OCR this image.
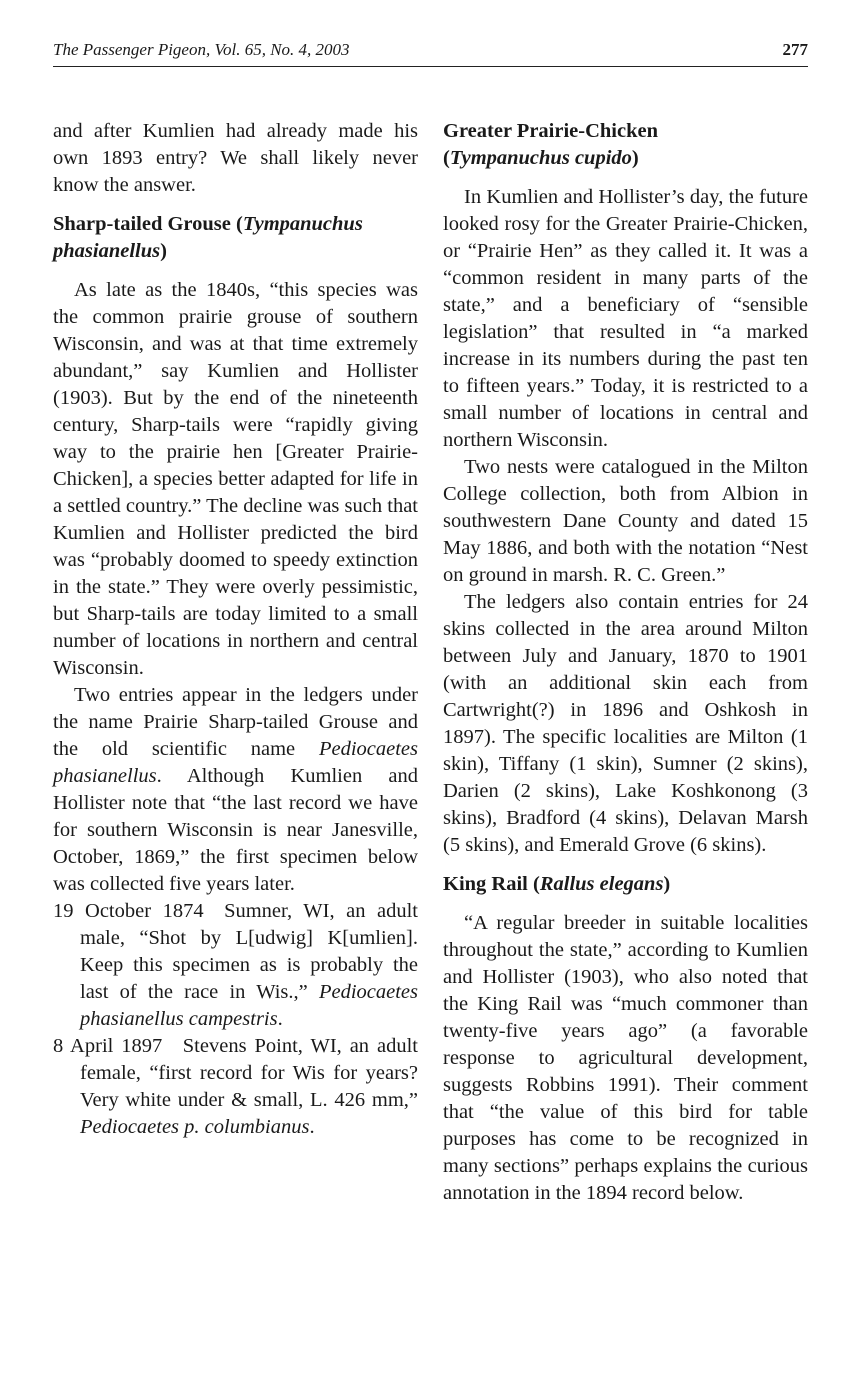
The Passenger Pigeon, Vol. 65, No. 4, 2003	277

and after Kumlien had already made his own 1893 entry? We shall likely never know the answer.

Sharp-tailed Grouse (Tympanuchus phasianellus)

As late as the 1840s, “this species was the common prairie grouse of southern Wisconsin, and was at that time extremely abundant,” say Kumlien and Hollister (1903). But by the end of the nineteenth century, Sharp-tails were “rapidly giving way to the prairie hen [Greater Prairie-Chicken], a species better adapted for life in a settled country.” The decline was such that Kumlien and Hollister predicted the bird was “probably doomed to speedy extinction in the state.” They were overly pessimistic, but Sharp-tails are today limited to a small number of locations in northern and central Wisconsin.

Two entries appear in the ledgers under the name Prairie Sharp-tailed Grouse and the old scientific name Pediocaetes phasianellus. Although Kumlien and Hollister note that “the last record we have for southern Wisconsin is near Janesville, October, 1869,” the first specimen below was collected five years later.

19 October 1874 Sumner, WI, an adult male, “Shot by L[udwig] K[umlien]. Keep this specimen as is probably the last of the race in Wis.,” Pediocaetes phasianellus campestris.

8 April 1897 Stevens Point, WI, an adult female, “first record for Wis for years? Very white under & small, L. 426 mm,” Pediocaetes p. columbianus.

Greater Prairie-Chicken
(Tympanuchus cupido)

In Kumlien and Hollister’s day, the future looked rosy for the Greater Prairie-Chicken, or “Prairie Hen” as they called it. It was a “common resident in many parts of the state,” and a beneficiary of “sensible legislation” that resulted in “a marked increase in its numbers during the past ten to fifteen years.” Today, it is restricted to a small number of locations in central and northern Wisconsin.

Two nests were catalogued in the Milton College collection, both from Albion in southwestern Dane County and dated 15 May 1886, and both with the notation “Nest on ground in marsh. R. C. Green.”

The ledgers also contain entries for 24 skins collected in the area around Milton between July and January, 1870 to 1901 (with an additional skin each from Cartwright(?) in 1896 and Oshkosh in 1897). The specific localities are Milton (1 skin), Tiffany (1 skin), Sumner (2 skins), Darien (2 skins), Lake Koshkonong (3 skins), Bradford (4 skins), Delavan Marsh (5 skins), and Emerald Grove (6 skins).

King Rail (Rallus elegans)

“A regular breeder in suitable localities throughout the state,” according to Kumlien and Hollister (1903), who also noted that the King Rail was “much commoner than twenty-five years ago” (a favorable response to agricultural development, suggests Robbins 1991). Their comment that “the value of this bird for table purposes has come to be recognized in many sections” perhaps explains the curious annotation in the 1894 record below.
